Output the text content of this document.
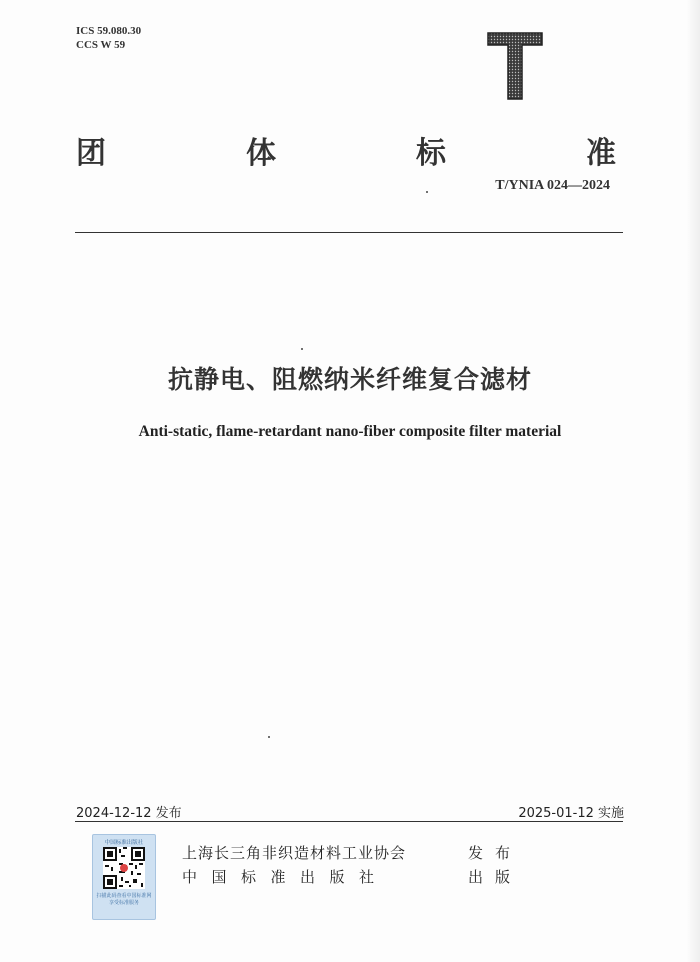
ICS 59.080.30
CCS W 59
团	体	标	准
T/YNIA 024—2024
抗静电、阻燃纳米纤维复合滤材
Anti-static, flame-retardant nano-fiber composite filter material
2024-12-12 发布	2025-01-12 实施
中国标准出版社
扫描此码查看中国标准网享受标准服务
上海长三角非织造材料工业协会	发布
中国标准出版社	出版
